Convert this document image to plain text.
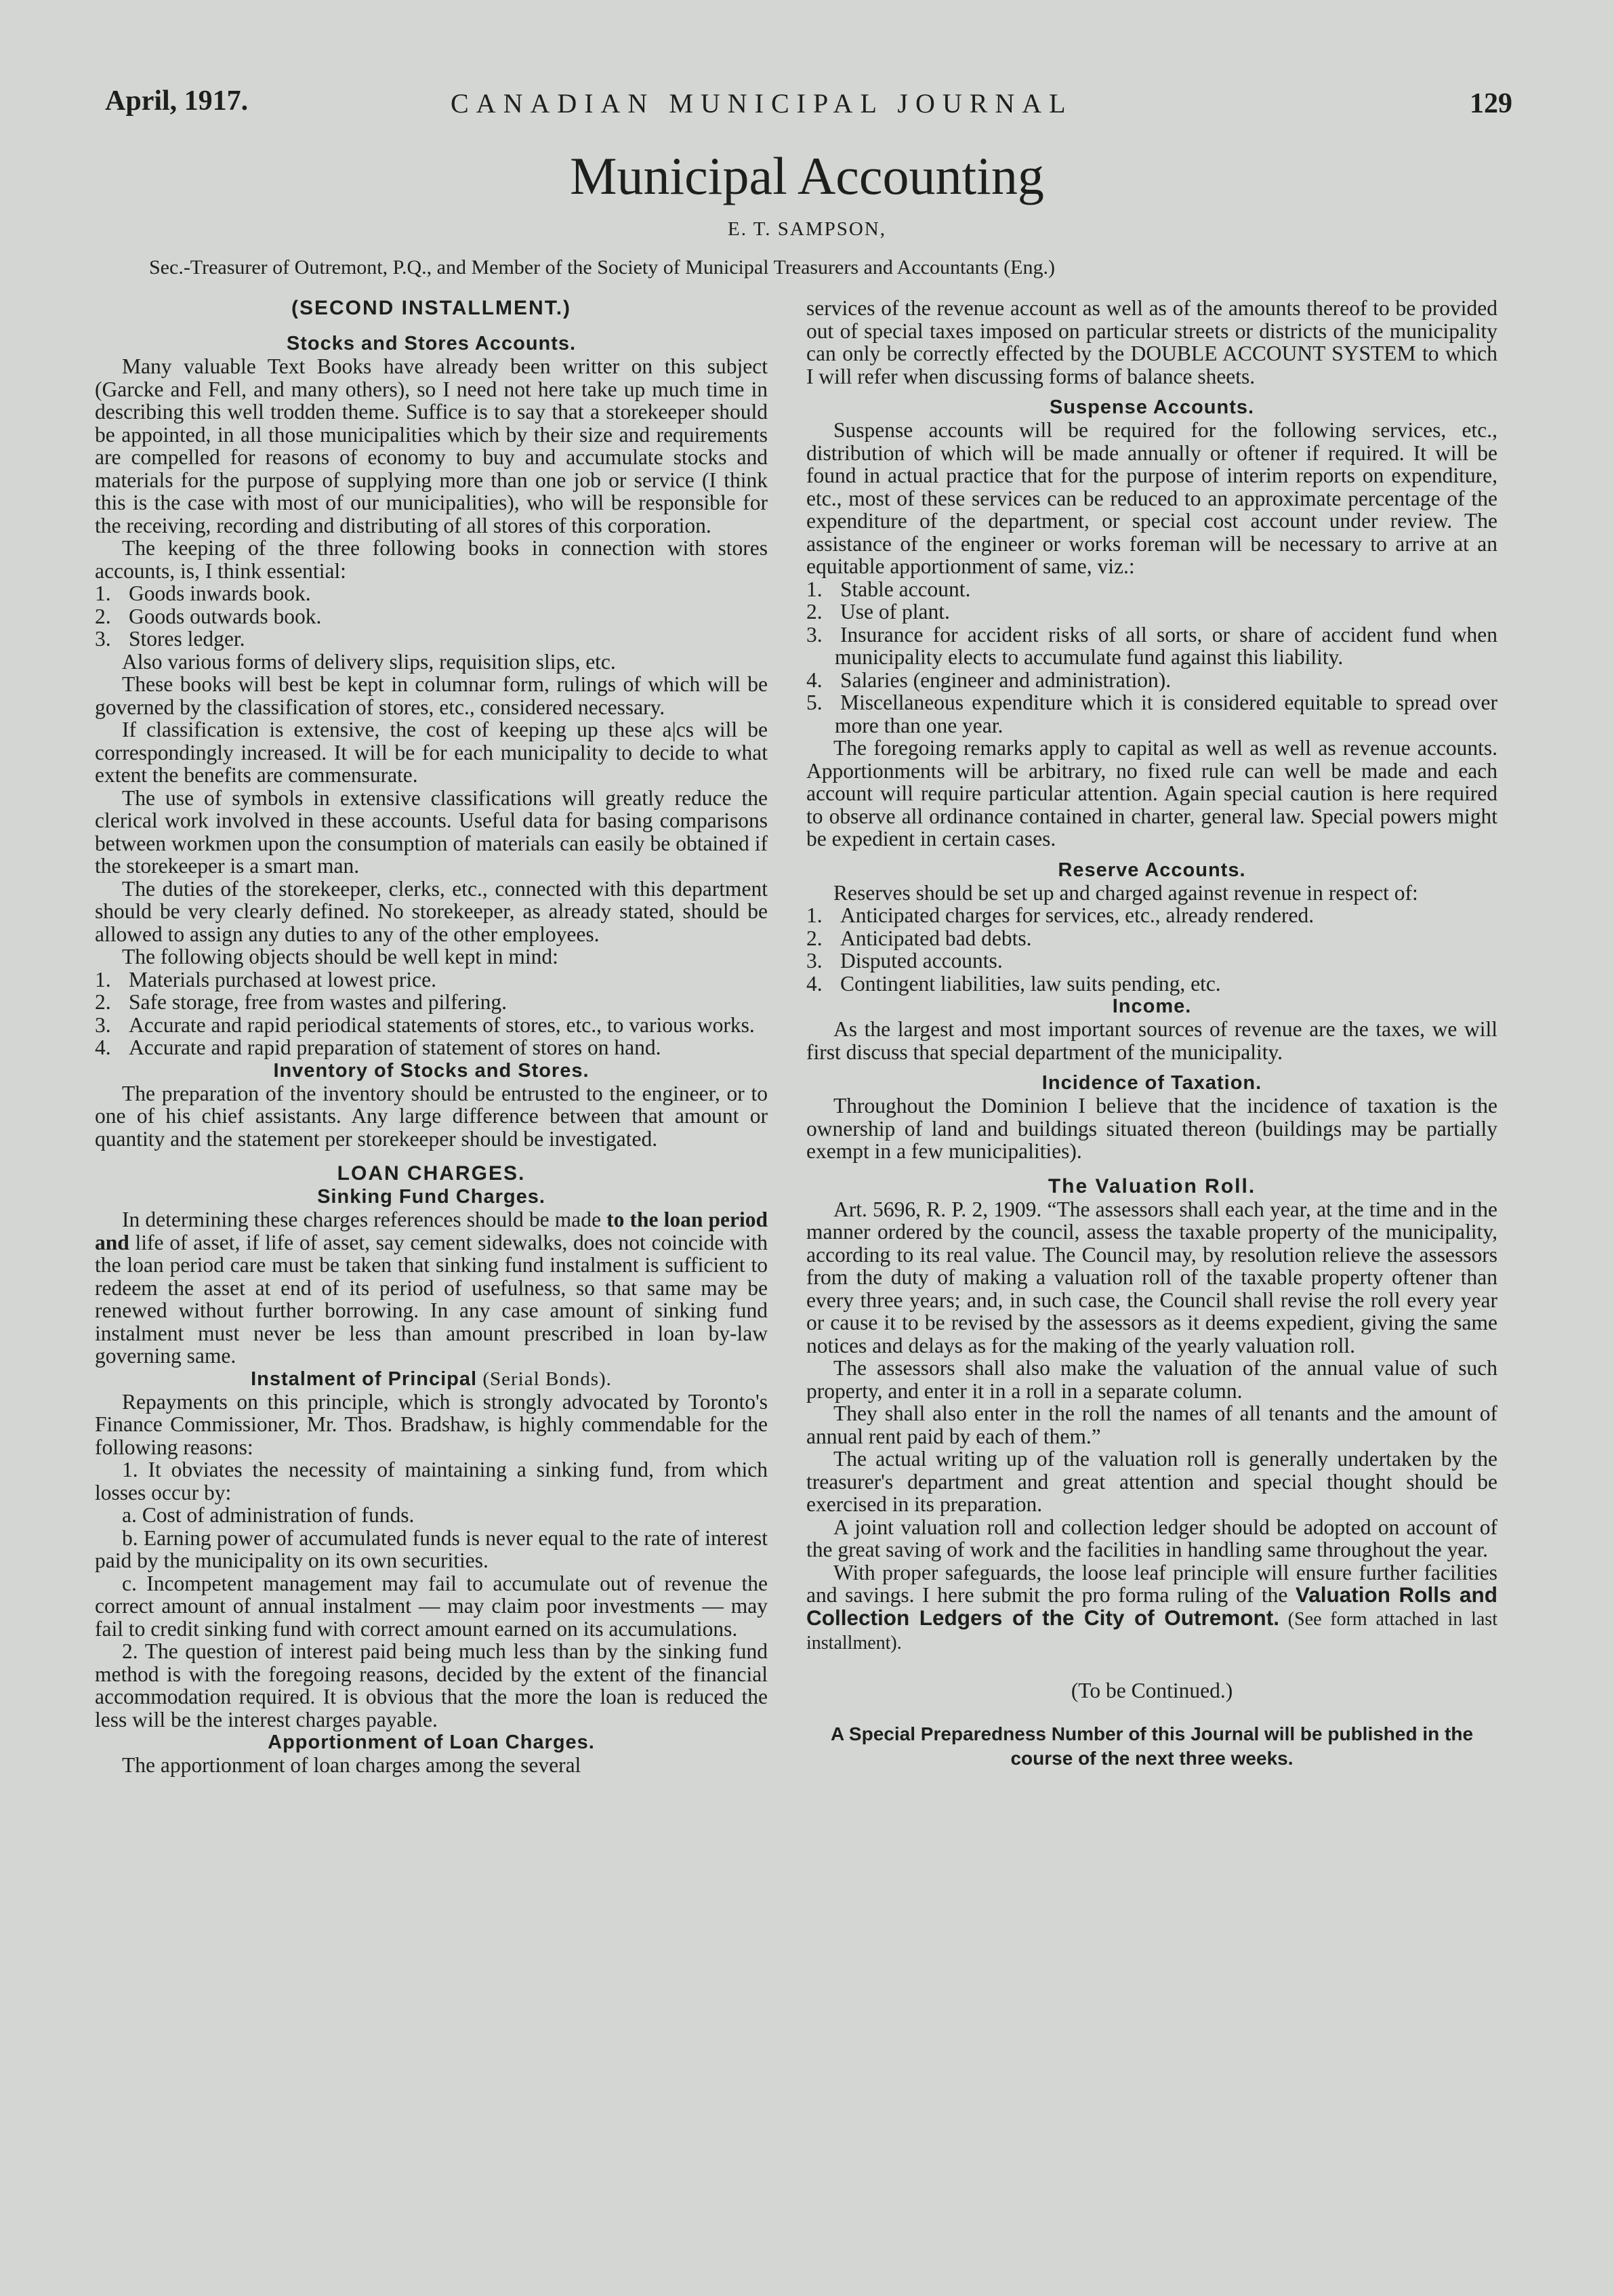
April, 1917.	CANADIAN MUNICIPAL JOURNAL	129
Municipal Accounting
E. T. SAMPSON,
Sec.-Treasurer of Outremont, P.Q., and Member of the Society of Municipal Treasurers and Accountants (Eng.)
(SECOND INSTALLMENT.)
Stocks and Stores Accounts.

Many valuable Text Books have already been writter on this subject (Garcke and Fell, and many others), so I need not here take up much time in describing this well trodden theme. Suffice is to say that a storekeeper should be appointed, in all those municipalities which by their size and requirements are compelled for reasons of economy to buy and accumulate stocks and materials for the purpose of supplying more than one job or service (I think this is the case with most of our municipalities), who will be responsible for the receiving, recording and distributing of all stores of this corporation.

The keeping of the three following books in connection with stores accounts, is, I think essential:

1. Goods inwards book.

2. Goods outwards book.

3. Stores ledger.

Also various forms of delivery slips, requisition slips, etc.

These books will best be kept in columnar form, rulings of which will be governed by the classification of stores, etc., considered necessary.

If classification is extensive, the cost of keeping up these a|cs will be correspondingly increased. It will be for each municipality to decide to what extent the benefits are commensurate.

The use of symbols in extensive classifications will greatly reduce the clerical work involved in these accounts. Useful data for basing comparisons between workmen upon the consumption of materials can easily be obtained if the storekeeper is a smart man.

The duties of the storekeeper, clerks, etc., connected with this department should be very clearly defined. No storekeeper, as already stated, should be allowed to assign any duties to any of the other employees.

The following objects should be well kept in mind:

1. Materials purchased at lowest price.

2. Safe storage, free from wastes and pilfering.

3. Accurate and rapid periodical statements of stores, etc., to various works.

4. Accurate and rapid preparation of statement of stores on hand.

Inventory of Stocks and Stores.

The preparation of the inventory should be entrusted to the engineer, or to one of his chief assistants. Any large difference between that amount or quantity and the statement per storekeeper should be investigated.

LOAN CHARGES.
Sinking Fund Charges.

In determining these charges references should be made to the loan period and life of asset, if life of asset, say cement sidewalks, does not coincide with the loan period care must be taken that sinking fund instalment is sufficient to redeem the asset at end of its period of usefulness, so that same may be renewed without further borrowing. In any case amount of sinking fund instalment must never be less than amount prescribed in loan by-law governing same.

Instalment of Principal (Serial Bonds).

Repayments on this principle, which is strongly advocated by Toronto's Finance Commissioner, Mr. Thos. Bradshaw, is highly commendable for the following reasons:

1. It obviates the necessity of maintaining a sinking fund, from which losses occur by:

a. Cost of administration of funds.

b. Earning power of accumulated funds is never equal to the rate of interest paid by the municipality on its own securities.

c. Incompetent management may fail to accumulate out of revenue the correct amount of annual instalment — may claim poor investments — may fail to credit sinking fund with correct amount earned on its accumulations.

2. The question of interest paid being much less than by the sinking fund method is with the foregoing reasons, decided by the extent of the financial accommodation required. It is obvious that the more the loan is reduced the less will be the interest charges payable.

Apportionment of Loan Charges.

The apportionment of loan charges among the several

services of the revenue account as well as of the amounts thereof to be provided out of special taxes imposed on particular streets or districts of the municipality can only be correctly effected by the DOUBLE ACCOUNT SYSTEM to which I will refer when discussing forms of balance sheets.

Suspense Accounts.

Suspense accounts will be required for the following services, etc., distribution of which will be made annually or oftener if required. It will be found in actual practice that for the purpose of interim reports on expenditure, etc., most of these services can be reduced to an approximate percentage of the expenditure of the department, or special cost account under review. The assistance of the engineer or works foreman will be necessary to arrive at an equitable apportionment of same, viz.:

1. Stable account.

2. Use of plant.

3. Insurance for accident risks of all sorts, or share of accident fund when municipality elects to accumulate fund against this liability.

4. Salaries (engineer and administration).

5. Miscellaneous expenditure which it is considered equitable to spread over more than one year.

The foregoing remarks apply to capital as well as well as revenue accounts. Apportionments will be arbitrary, no fixed rule can well be made and each account will require particular attention. Again special caution is here required to observe all ordinance contained in charter, general law. Special powers might be expedient in certain cases.

Reserve Accounts.

Reserves should be set up and charged against revenue in respect of:

1. Anticipated charges for services, etc., already rendered.

2. Anticipated bad debts.

3. Disputed accounts.

4. Contingent liabilities, law suits pending, etc.

Income.

As the largest and most important sources of revenue are the taxes, we will first discuss that special department of the municipality.

Incidence of Taxation.

Throughout the Dominion I believe that the incidence of taxation is the ownership of land and buildings situated thereon (buildings may be partially exempt in a few municipalities).

The Valuation Roll.

Art. 5696, R. P. 2, 1909. “The assessors shall each year, at the time and in the manner ordered by the council, assess the taxable property of the municipality, according to its real value. The Council may, by resolution relieve the assessors from the duty of making a valuation roll of the taxable property oftener than every three years; and, in such case, the Council shall revise the roll every year or cause it to be revised by the assessors as it deems expedient, giving the same notices and delays as for the making of the yearly valuation roll.

The assessors shall also make the valuation of the annual value of such property, and enter it in a roll in a separate column.

They shall also enter in the roll the names of all tenants and the amount of annual rent paid by each of them.”

The actual writing up of the valuation roll is generally undertaken by the treasurer's department and great attention and special thought should be exercised in its preparation.

A joint valuation roll and collection ledger should be adopted on account of the great saving of work and the facilities in handling same throughout the year.

With proper safeguards, the loose leaf principle will ensure further facilities and savings. I here submit the pro forma ruling of the Valuation Rolls and Collection Ledgers of the City of Outremont. (See form attached in last installment).

(To be Continued.)
A Special Preparedness Number of this Journal will be published in the course of the next three weeks.
